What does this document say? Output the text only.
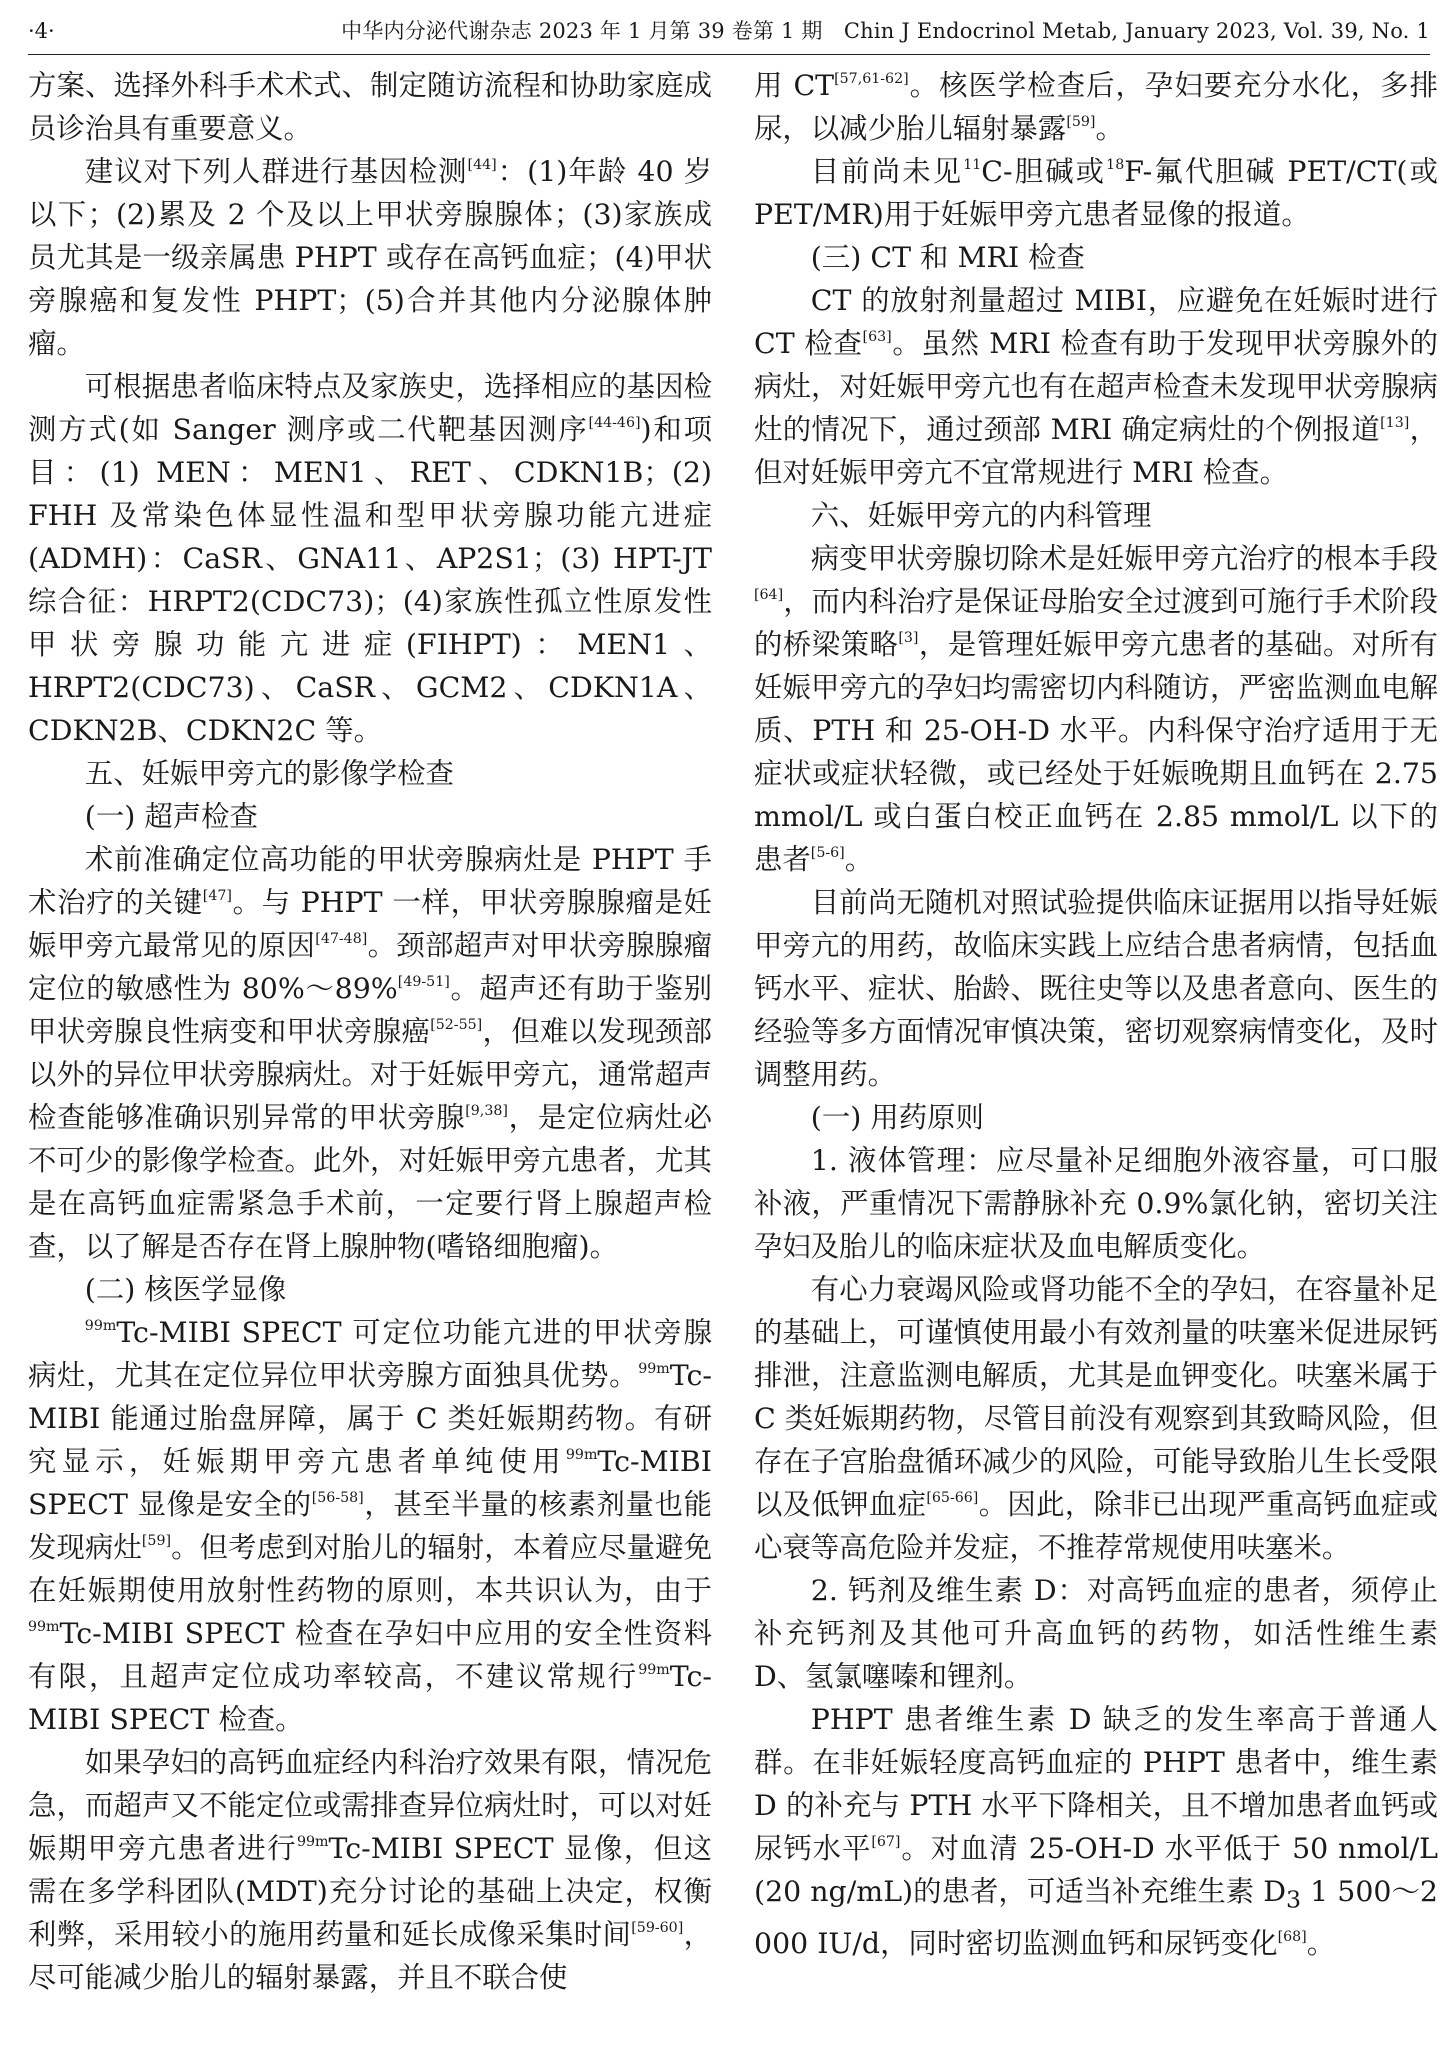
·4·	中华内分泌代谢杂志 2023 年 1 月第 39 卷第 1 期　Chin J Endocrinol Metab, January 2023, Vol. 39, No. 1

方案、选择外科手术术式、制定随访流程和协助家庭成员诊治具有重要意义。

建议对下列人群进行基因检测[44]：(1)年龄 40 岁以下；(2)累及 2 个及以上甲状旁腺腺体；(3)家族成员尤其是一级亲属患 PHPT 或存在高钙血症；(4)甲状旁腺癌和复发性 PHPT；(5)合并其他内分泌腺体肿瘤。

可根据患者临床特点及家族史，选择相应的基因检测方式(如 Sanger 测序或二代靶基因测序[44-46])和项目：(1) MEN：MEN1、RET、CDKN1B；(2) FHH 及常染色体显性温和型甲状旁腺功能亢进症(ADMH)：CaSR、GNA11、AP2S1；(3) HPT-JT 综合征：HRPT2(CDC73)；(4)家族性孤立性原发性甲状旁腺功能亢进症(FIHPT)：MEN1、HRPT2(CDC73)、CaSR、GCM2、CDKN1A、CDKN2B、CDKN2C 等。

五、妊娠甲旁亢的影像学检查

(一) 超声检查

术前准确定位高功能的甲状旁腺病灶是 PHPT 手术治疗的关键[47]。与 PHPT 一样，甲状旁腺腺瘤是妊娠甲旁亢最常见的原因[47-48]。颈部超声对甲状旁腺腺瘤定位的敏感性为 80%～89%[49-51]。超声还有助于鉴别甲状旁腺良性病变和甲状旁腺癌[52-55]，但难以发现颈部以外的异位甲状旁腺病灶。对于妊娠甲旁亢，通常超声检查能够准确识别异常的甲状旁腺[9,38]，是定位病灶必不可少的影像学检查。此外，对妊娠甲旁亢患者，尤其是在高钙血症需紧急手术前，一定要行肾上腺超声检查，以了解是否存在肾上腺肿物(嗜铬细胞瘤)。

(二) 核医学显像

$^{99m}$Tc-MIBI SPECT 可定位功能亢进的甲状旁腺病灶，尤其在定位异位甲状旁腺方面独具优势。$^{99m}$Tc-MIBI 能通过胎盘屏障，属于 C 类妊娠期药物。有研究显示，妊娠期甲旁亢患者单纯使用$^{99m}$Tc-MIBI SPECT 显像是安全的[56-58]，甚至半量的核素剂量也能发现病灶[59]。但考虑到对胎儿的辐射，本着应尽量避免在妊娠期使用放射性药物的原则，本共识认为，由于$^{99m}$Tc-MIBI SPECT 检查在孕妇中应用的安全性资料有限，且超声定位成功率较高，不建议常规行$^{99m}$Tc-MIBI SPECT 检查。

如果孕妇的高钙血症经内科治疗效果有限，情况危急，而超声又不能定位或需排查异位病灶时，可以对妊娠期甲旁亢患者进行$^{99m}$Tc-MIBI SPECT 显像，但这需在多学科团队(MDT)充分讨论的基础上决定，权衡利弊，采用较小的施用药量和延长成像采集时间[59-60]，尽可能减少胎儿的辐射暴露，并且不联合使

用 CT[57,61-62]。核医学检查后，孕妇要充分水化，多排尿，以减少胎儿辐射暴露[59]。

目前尚未见$^{11}$C-胆碱或$^{18}$F-氟代胆碱 PET/CT(或 PET/MR)用于妊娠甲旁亢患者显像的报道。

(三) CT 和 MRI 检查

CT 的放射剂量超过 MIBI，应避免在妊娠时进行 CT 检查[63]。虽然 MRI 检查有助于发现甲状旁腺外的病灶，对妊娠甲旁亢也有在超声检查未发现甲状旁腺病灶的情况下，通过颈部 MRI 确定病灶的个例报道[13]，但对妊娠甲旁亢不宜常规进行 MRI 检查。

六、妊娠甲旁亢的内科管理

病变甲状旁腺切除术是妊娠甲旁亢治疗的根本手段[64]，而内科治疗是保证母胎安全过渡到可施行手术阶段的桥梁策略[3]，是管理妊娠甲旁亢患者的基础。对所有妊娠甲旁亢的孕妇均需密切内科随访，严密监测血电解质、PTH 和 25-OH-D 水平。内科保守治疗适用于无症状或症状轻微，或已经处于妊娠晚期且血钙在 2.75 mmol/L 或白蛋白校正血钙在 2.85 mmol/L 以下的患者[5-6]。

目前尚无随机对照试验提供临床证据用以指导妊娠甲旁亢的用药，故临床实践上应结合患者病情，包括血钙水平、症状、胎龄、既往史等以及患者意向、医生的经验等多方面情况审慎决策，密切观察病情变化，及时调整用药。

(一) 用药原则

1. 液体管理：应尽量补足细胞外液容量，可口服补液，严重情况下需静脉补充 0.9%氯化钠，密切关注孕妇及胎儿的临床症状及血电解质变化。

有心力衰竭风险或肾功能不全的孕妇，在容量补足的基础上，可谨慎使用最小有效剂量的呋塞米促进尿钙排泄，注意监测电解质，尤其是血钾变化。呋塞米属于 C 类妊娠期药物，尽管目前没有观察到其致畸风险，但存在子宫胎盘循环减少的风险，可能导致胎儿生长受限以及低钾血症[65-66]。因此，除非已出现严重高钙血症或心衰等高危险并发症，不推荐常规使用呋塞米。

2. 钙剂及维生素 D：对高钙血症的患者，须停止补充钙剂及其他可升高血钙的药物，如活性维生素 D、氢氯噻嗪和锂剂。

PHPT 患者维生素 D 缺乏的发生率高于普通人群。在非妊娠轻度高钙血症的 PHPT 患者中，维生素 D 的补充与 PTH 水平下降相关，且不增加患者血钙或尿钙水平[67]。对血清 25-OH-D 水平低于 50 nmol/L (20 ng/mL)的患者，可适当补充维生素 $D_3$ 1 500～2 000 IU/d，同时密切监测血钙和尿钙变化[68]。
